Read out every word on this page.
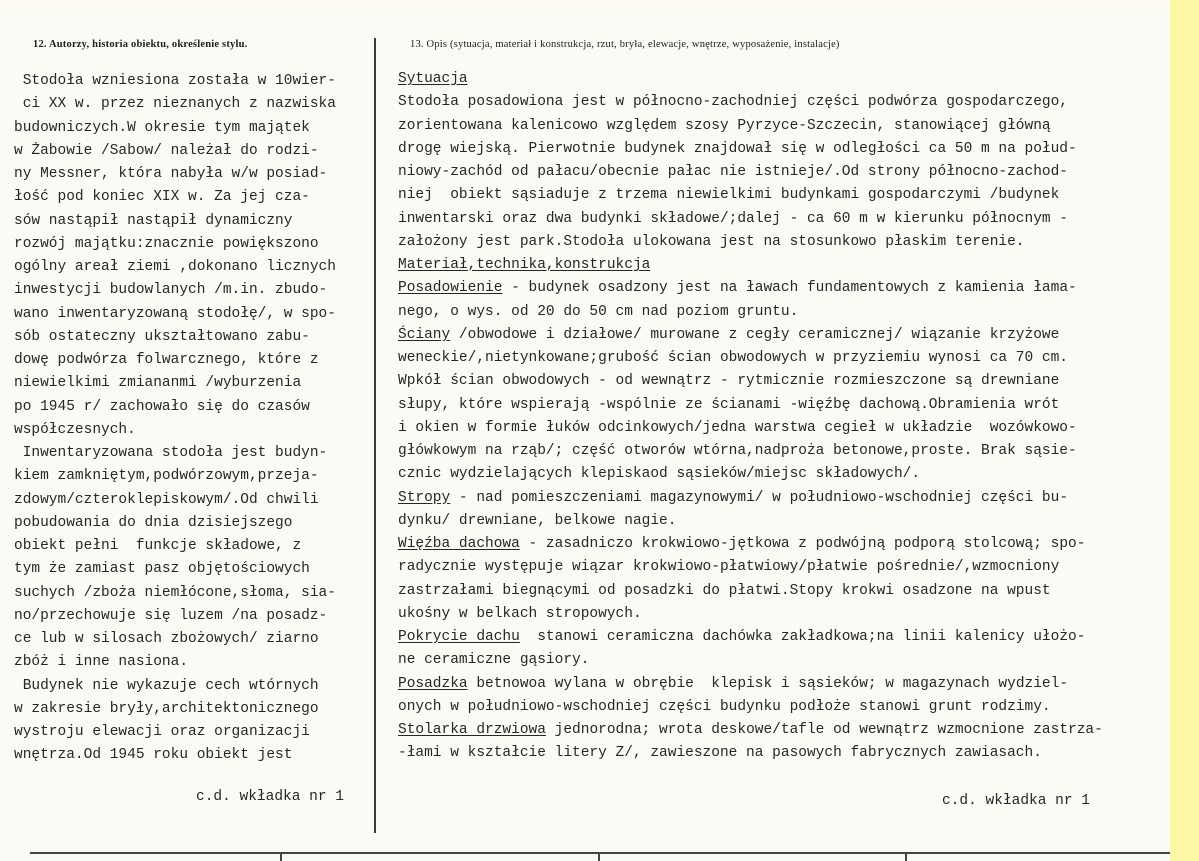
12. Autorzy, historia obiektu, określenie stylu.	13. Opis (sytuacja, materiał i konstrukcja, rzut, bryła, elewacje, wnętrze, wyposażenie, instalacje)
Stodoła wzniesiona została w 10wier-
ci XX w. przez nieznanych z nazwiska
budowniczych.W okresie tym majątek
w Żabowie /Sabow/ należał do rodzi-
ny Messner, która nabyła w/w posiad-
łość pod koniec XIX w. Za jej cza-
sów nastąpił nastąpił dynamiczny
rozwój majątku:znacznie powiększono
ogólny areał ziemi ,dokonano licznych
inwestycji budowlanych /m.in. zbudo-
wano inwentaryzowaną stodołę/, w spo-
sób ostateczny ukształtowano zabu-
dowę podwórza folwarcznego, które z
niewielkimi zmiananmi /wyburzenia
po 1945 r/ zachowało się do czasów
współczesnych.
Inwentaryzowana stodoła jest budyn-
kiem zamkniętym,podwórzowym,przeja-
zdowym/czteroklepiskowym/.Od chwili
pobudowania do dnia dzisiejszego
obiekt pełni  funkcje składowe, z
tym że zamiast pasz objętościowych
suchych /zboża niemłócone,słoma, sia-
no/przechowuje się luzem /na posadz-
ce lub w silosach zbożowych/ ziarno
zbóż i inne nasiona.
Budynek nie wykazuje cech wtórnych
w zakresie bryły,architektonicznego
wystroju elewacji oraz organizacji
wnętrza.Od 1945 roku obiekt jest
c.d. wkładka nr 1
Sytuacja
Stodoła posadowiona jest w północno-zachodniej części podwórza gospodarczego,
zorientowana kalenicowo względem szosy Pyrzyce-Szczecin, stanowiącej główną
drogę wiejską. Pierwotnie budynek znajdował się w odległości ca 50 m na połud-
niowy-zachód od pałacu/obecnie pałac nie istnieje/.Od strony północno-zachod-
niej  obiekt sąsiaduje z trzema niewielkimi budynkami gospodarczymi /budynek
inwentarski oraz dwa budynki składowe/;dalej - ca 60 m w kierunku północnym -
założony jest park.Stodoła ulokowana jest na stosunkowo płaskim terenie.
Materiał,technika,konstrukcja
Posadowienie - budynek osadzony jest na ławach fundamentowych z kamienia łama-
nego, o wys. od 20 do 50 cm nad poziom gruntu.
Ściany /obwodowe i działowe/ murowane z cegły ceramicznej/ wiązanie krzyżowe
weneckie/,nietynkowane;grubość ścian obwodowych w przyziemiu wynosi ca 70 cm.
Wpkół ścian obwodowych - od wewnątrz - rytmicznie rozmieszczone są drewniane
słupy, które wspierają -wspólnie ze ścianami -więźbę dachową.Obramienia wrót
i okien w formie łuków odcinkowych/jedna warstwa cegieł w układzie  wozówkowo-
główkowym na rząb/; część otworów wtórna,nadproża betonowe,proste. Brak sąsie-
cznic wydzielających klepiskaod sąsieków/miejsc składowych/.
Stropy - nad pomieszczeniami magazynowymi/ w południowo-wschodniej części bu-
dynku/ drewniane, belkowe nagie.
Więźba dachowa - zasadniczo krokwiowo-jętkowa z podwójną podporą stolcową; spo-
radycznie występuje wiązar krokwiowo-płatwiowy/płatwie pośrednie/,wzmocniony
zastrzałami biegnącymi od posadzki do płatwi.Stopy krokwi osadzone na wpust
ukośny w belkach stropowych.
Pokrycie dachu  stanowi ceramiczna dachówka zakładkowa;na linii kalenicy ułożo-
ne ceramiczne gąsiory.
Posadzka betnowoa wylana w obrębie  klepisk i sąsieków; w magazynach wydziel-
onych w południowo-wschodniej części budynku podłoże stanowi grunt rodzimy.
Stolarka drzwiowa jednorodna; wrota deskowe/tafle od wewnątrz wzmocnione zastrza-
-łami w kształcie litery Z/, zawieszone na pasowych fabrycznych zawiasach.
c.d. wkładka nr 1
